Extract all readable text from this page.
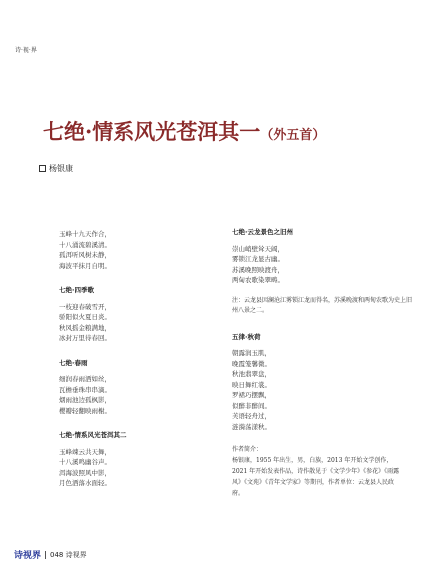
诗·视·界
七绝·情系风光苍洱其一（外五首）
杨银康
玉峰十九天作合，
十八涌流碧溪清。
孤洱听风树未静，
海波平抹月自明。
七绝·四季歌
一枝迎春破雪开，
骄阳似火夏日炎。
秋风摇金粮满地，
冰封万里待春回。
七绝·春雨
细润春雨洒如丝，
瓦檐垂珠串串滴。
烟雨池边孤枫影，
樱瓣轻翻映雨榭。
七绝·情系风光苍洱其二
玉峰竦云共天舞，
十八溪鸣幽谷声。
洱海波照风中影，
月色洒落水面轻。
七绝·云龙景色之旧州
崇山峭壁耸天阔，
雾锁江龙显古幽。
苏溪晚照映渡舟，
两甸农歌染翠畴。
注：云龙县因澜沧江雾锁江龙而得名，苏溪晚渡和两甸农歌为史上旧州八景之二。
五律·秋荷
朝露润玉肌，
晚霞笼馨微。
秋池翡翠盘，
映日舞红裳。
罗裙巧摆飘，
似醉非醉间。
芙语轻舟过，
涟漪荡漾秋。
作者简介：
杨银康，1955 年出生，男，白族，2013 年开始文学创作，2021 年开始发表作品，诗作散见于《文学少年》《参花》《雨露风》《文苑》《青年文学家》等期刊，作者单位：云龙县人民政府。
诗视界 048 诗视界
